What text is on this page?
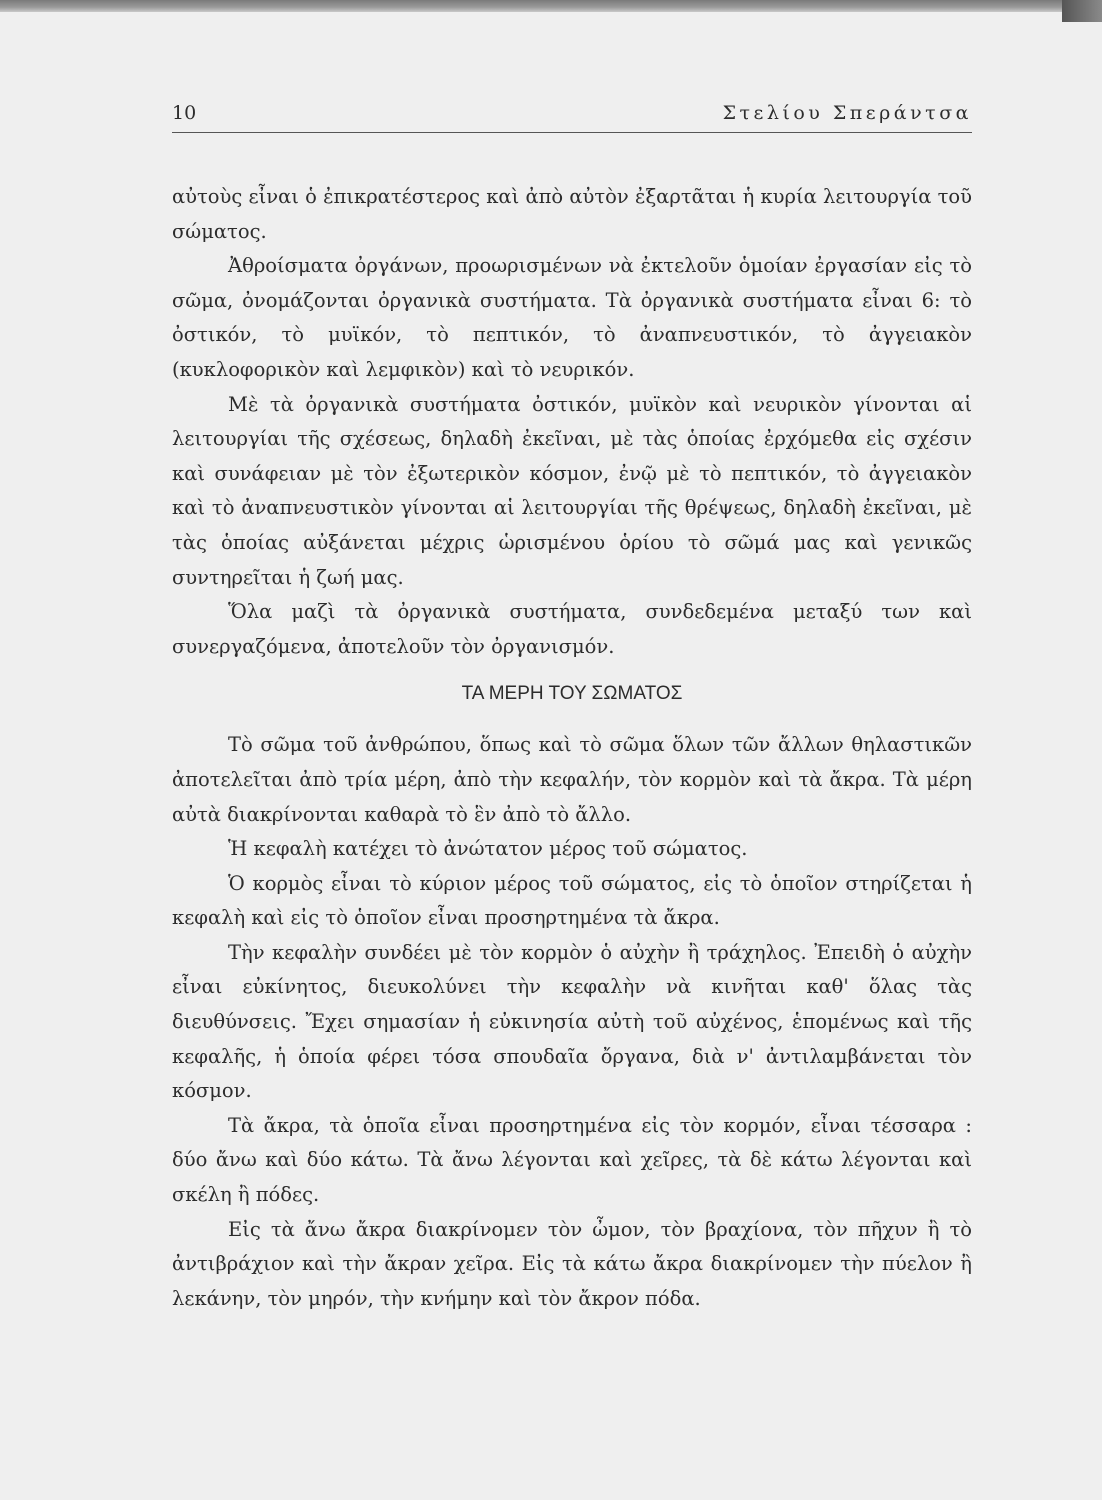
10	Στελίου Σπεράντσα

αὐτοὺς εἶναι ὁ ἐπικρατέστερος καὶ ἀπὸ αὐτὸν ἐξαρτᾶται ἡ κυρία λειτουργία τοῦ σώματος.

Ἀθροίσματα ὀργάνων, προωρισμένων νὰ ἐκτελοῦν ὁμοίαν ἐργασίαν εἰς τὸ σῶμα, ὀνομάζονται ὀργανικὰ συστήματα. Τὰ ὀργανικὰ συστήματα εἶναι 6: τὸ ὀστικόν, τὸ μυϊκόν, τὸ πεπτικόν, τὸ ἀναπνευστικόν, τὸ ἀγγειακὸν (κυκλοφορικὸν καὶ λεμφικὸν) καὶ τὸ νευρικόν.

Μὲ τὰ ὀργανικὰ συστήματα ὀστικόν, μυϊκὸν καὶ νευρικὸν γίνονται αἱ λειτουργίαι τῆς σχέσεως, δηλαδὴ ἐκεῖναι, μὲ τὰς ὁποίας ἐρχόμεθα εἰς σχέσιν καὶ συνάφειαν μὲ τὸν ἐξωτερικὸν κόσμον, ἐνῷ μὲ τὸ πεπτικόν, τὸ ἀγγειακὸν καὶ τὸ ἀναπνευστικὸν γίνονται αἱ λειτουργίαι τῆς θρέψεως, δηλαδὴ ἐκεῖναι, μὲ τὰς ὁποίας αὐξάνεται μέχρις ὡρισμένου ὁρίου τὸ σῶμά μας καὶ γενικῶς συντηρεῖται ἡ ζωή μας.

Ὅλα μαζὶ τὰ ὀργανικὰ συστήματα, συνδεδεμένα μεταξύ των καὶ συνεργαζόμενα, ἀποτελοῦν τὸν ὀργανισμόν.

ΤΑ ΜΕΡΗ ΤΟΥ ΣΩΜΑΤΟΣ

Τὸ σῶμα τοῦ ἀνθρώπου, ὅπως καὶ τὸ σῶμα ὅλων τῶν ἄλλων θηλαστικῶν ἀποτελεῖται ἀπὸ τρία μέρη, ἀπὸ τὴν κεφαλήν, τὸν κορμὸν καὶ τὰ ἄκρα. Τὰ μέρη αὐτὰ διακρίνονται καθαρὰ τὸ ἓν ἀπὸ τὸ ἄλλο.

Ἡ κεφαλὴ κατέχει τὸ ἀνώτατον μέρος τοῦ σώματος.

Ὁ κορμὸς εἶναι τὸ κύριον μέρος τοῦ σώματος, εἰς τὸ ὁποῖον στηρίζεται ἡ κεφαλὴ καὶ εἰς τὸ ὁποῖον εἶναι προσηρτημένα τὰ ἄκρα.

Τὴν κεφαλὴν συνδέει μὲ τὸν κορμὸν ὁ αὐχὴν ἢ τράχηλος. Ἐπειδὴ ὁ αὐχὴν εἶναι εὐκίνητος, διευκολύνει τὴν κεφαλὴν νὰ κινῆται καθ' ὅλας τὰς διευθύνσεις. Ἔχει σημασίαν ἡ εὐκινησία αὐτὴ τοῦ αὐχένος, ἑπομένως καὶ τῆς κεφαλῆς, ἡ ὁποία φέρει τόσα σπουδαῖα ὄργανα, διὰ ν' ἀντιλαμβάνεται τὸν κόσμον.

Τὰ ἄκρα, τὰ ὁποῖα εἶναι προσηρτημένα εἰς τὸν κορμόν, εἶναι τέσσαρα : δύο ἄνω καὶ δύο κάτω. Τὰ ἄνω λέγονται καὶ χεῖρες, τὰ δὲ κάτω λέγονται καὶ σκέλη ἢ πόδες.

Εἰς τὰ ἄνω ἄκρα διακρίνομεν τὸν ὦμον, τὸν βραχίονα, τὸν πῆχυν ἢ τὸ ἀντιβράχιον καὶ τὴν ἄκραν χεῖρα. Εἰς τὰ κάτω ἄκρα διακρίνομεν τὴν πύελον ἢ λεκάνην, τὸν μηρόν, τὴν κνήμην καὶ τὸν ἄκρον πόδα.
